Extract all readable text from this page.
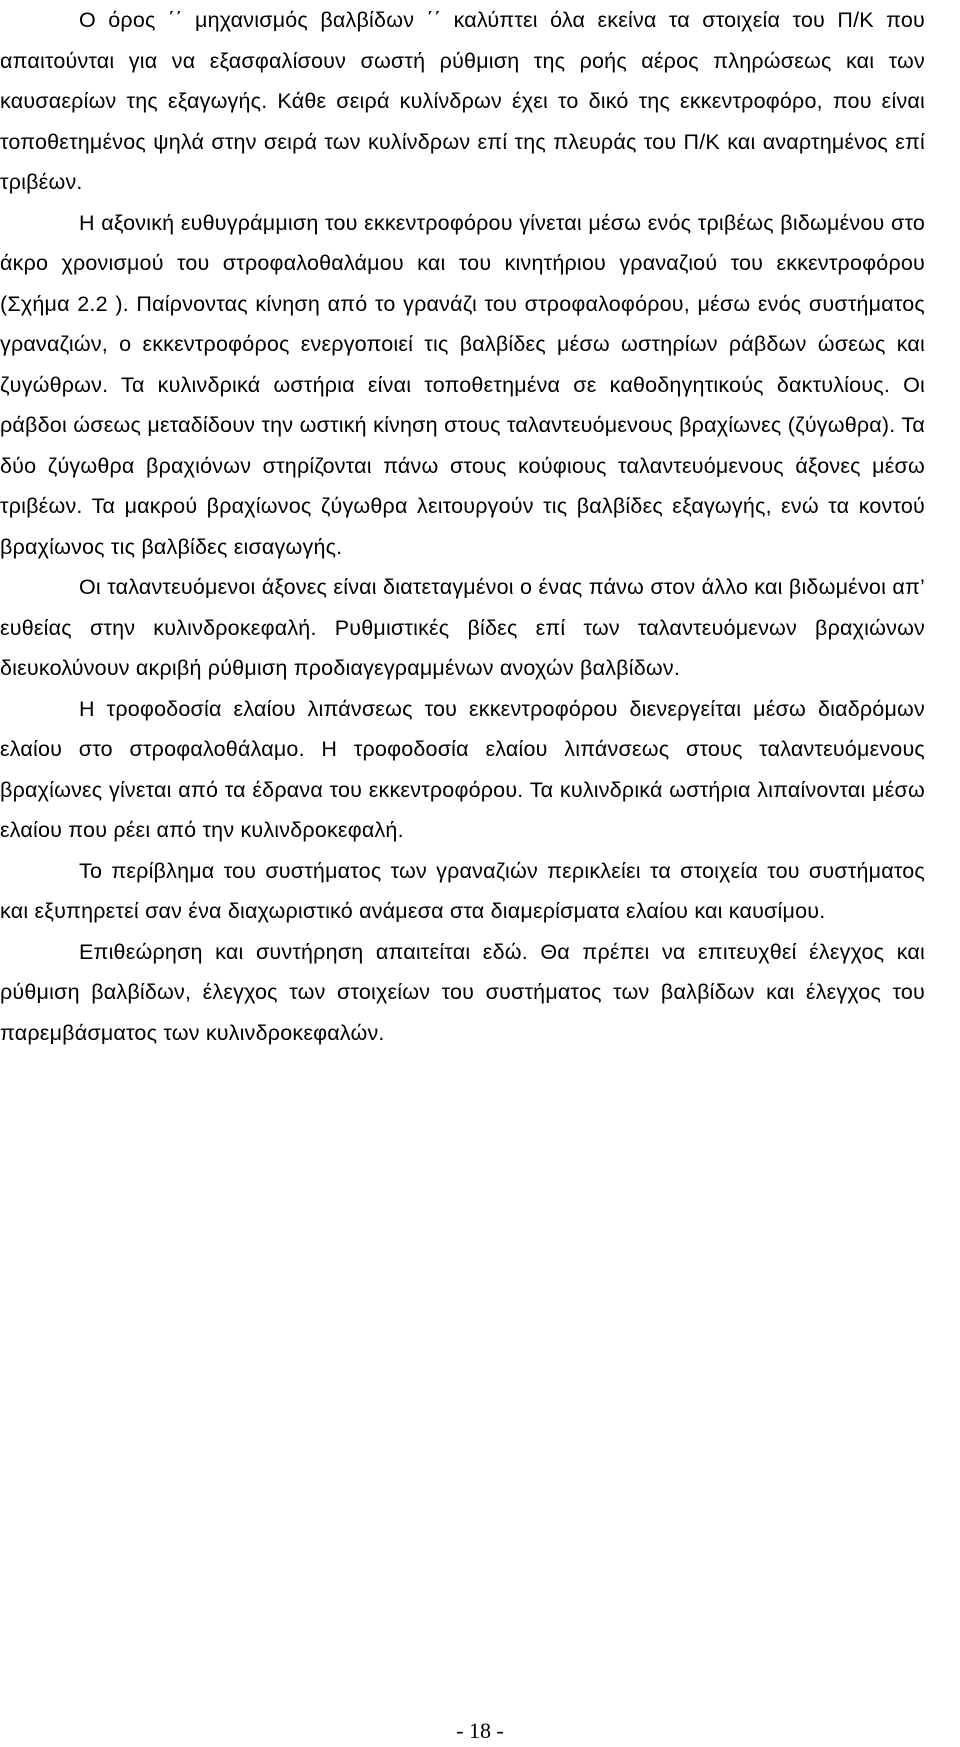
Ο όρος ΄΄ μηχανισμός βαλβίδων ΄΄ καλύπτει όλα εκείνα τα στοιχεία του Π/Κ που απαιτούνται για να εξασφαλίσουν σωστή ρύθμιση της ροής αέρος πληρώσεως και των καυσαερίων της εξαγωγής. Κάθε σειρά κυλίνδρων έχει το δικό της εκκεντροφόρο, που είναι τοποθετημένος ψηλά στην σειρά των κυλίνδρων επί της πλευράς του Π/Κ και αναρτημένος επί τριβέων.

Η αξονική ευθυγράμμιση του εκκεντροφόρου γίνεται μέσω ενός τριβέως βιδωμένου στο άκρο χρονισμού του στροφαλοθαλάμου και του κινητήριου γραναζιού του εκκεντροφόρου (Σχήμα 2.2 ). Παίρνοντας κίνηση από το γρανάζι του στροφαλοφόρου, μέσω ενός συστήματος γραναζιών, ο εκκεντροφόρος ενεργοποιεί τις βαλβίδες μέσω ωστηρίων ράβδων ώσεως και ζυγώθρων. Τα κυλινδρικά ωστήρια είναι τοποθετημένα σε καθοδηγητικούς δακτυλίους. Οι ράβδοι ώσεως μεταδίδουν την ωστική κίνηση στους ταλαντευόμενους βραχίωνες (ζύγωθρα). Τα δύο ζύγωθρα βραχιόνων στηρίζονται πάνω στους κούφιους ταλαντευόμενους άξονες μέσω τριβέων. Τα μακρού βραχίωνος ζύγωθρα λειτουργούν τις βαλβίδες εξαγωγής, ενώ τα κοντού βραχίωνος τις βαλβίδες εισαγωγής.

Οι ταλαντευόμενοι άξονες είναι διατεταγμένοι ο ένας πάνω στον άλλο και βιδωμένοι απ’ ευθείας στην κυλινδροκεφαλή. Ρυθμιστικές βίδες επί των ταλαντευόμενων βραχιώνων διευκολύνουν ακριβή ρύθμιση προδιαγεγραμμένων ανοχών βαλβίδων.

Η τροφοδοσία ελαίου λιπάνσεως του εκκεντροφόρου διενεργείται μέσω διαδρόμων ελαίου στο στροφαλοθάλαμο. Η τροφοδοσία ελαίου λιπάνσεως στους ταλαντευόμενους βραχίωνες γίνεται από τα έδρανα του εκκεντροφόρου. Τα κυλινδρικά ωστήρια λιπαίνονται μέσω ελαίου που ρέει από την κυλινδροκεφαλή.

Το περίβλημα του συστήματος των γραναζιών περικλείει τα στοιχεία του συστήματος και εξυπηρετεί σαν ένα διαχωριστικό ανάμεσα στα διαμερίσματα ελαίου και καυσίμου.

Επιθεώρηση και συντήρηση απαιτείται εδώ. Θα πρέπει να επιτευχθεί έλεγχος και ρύθμιση βαλβίδων, έλεγχος των στοιχείων του συστήματος των βαλβίδων και έλεγχος του παρεμβάσματος των κυλινδροκεφαλών.

- 18 -
